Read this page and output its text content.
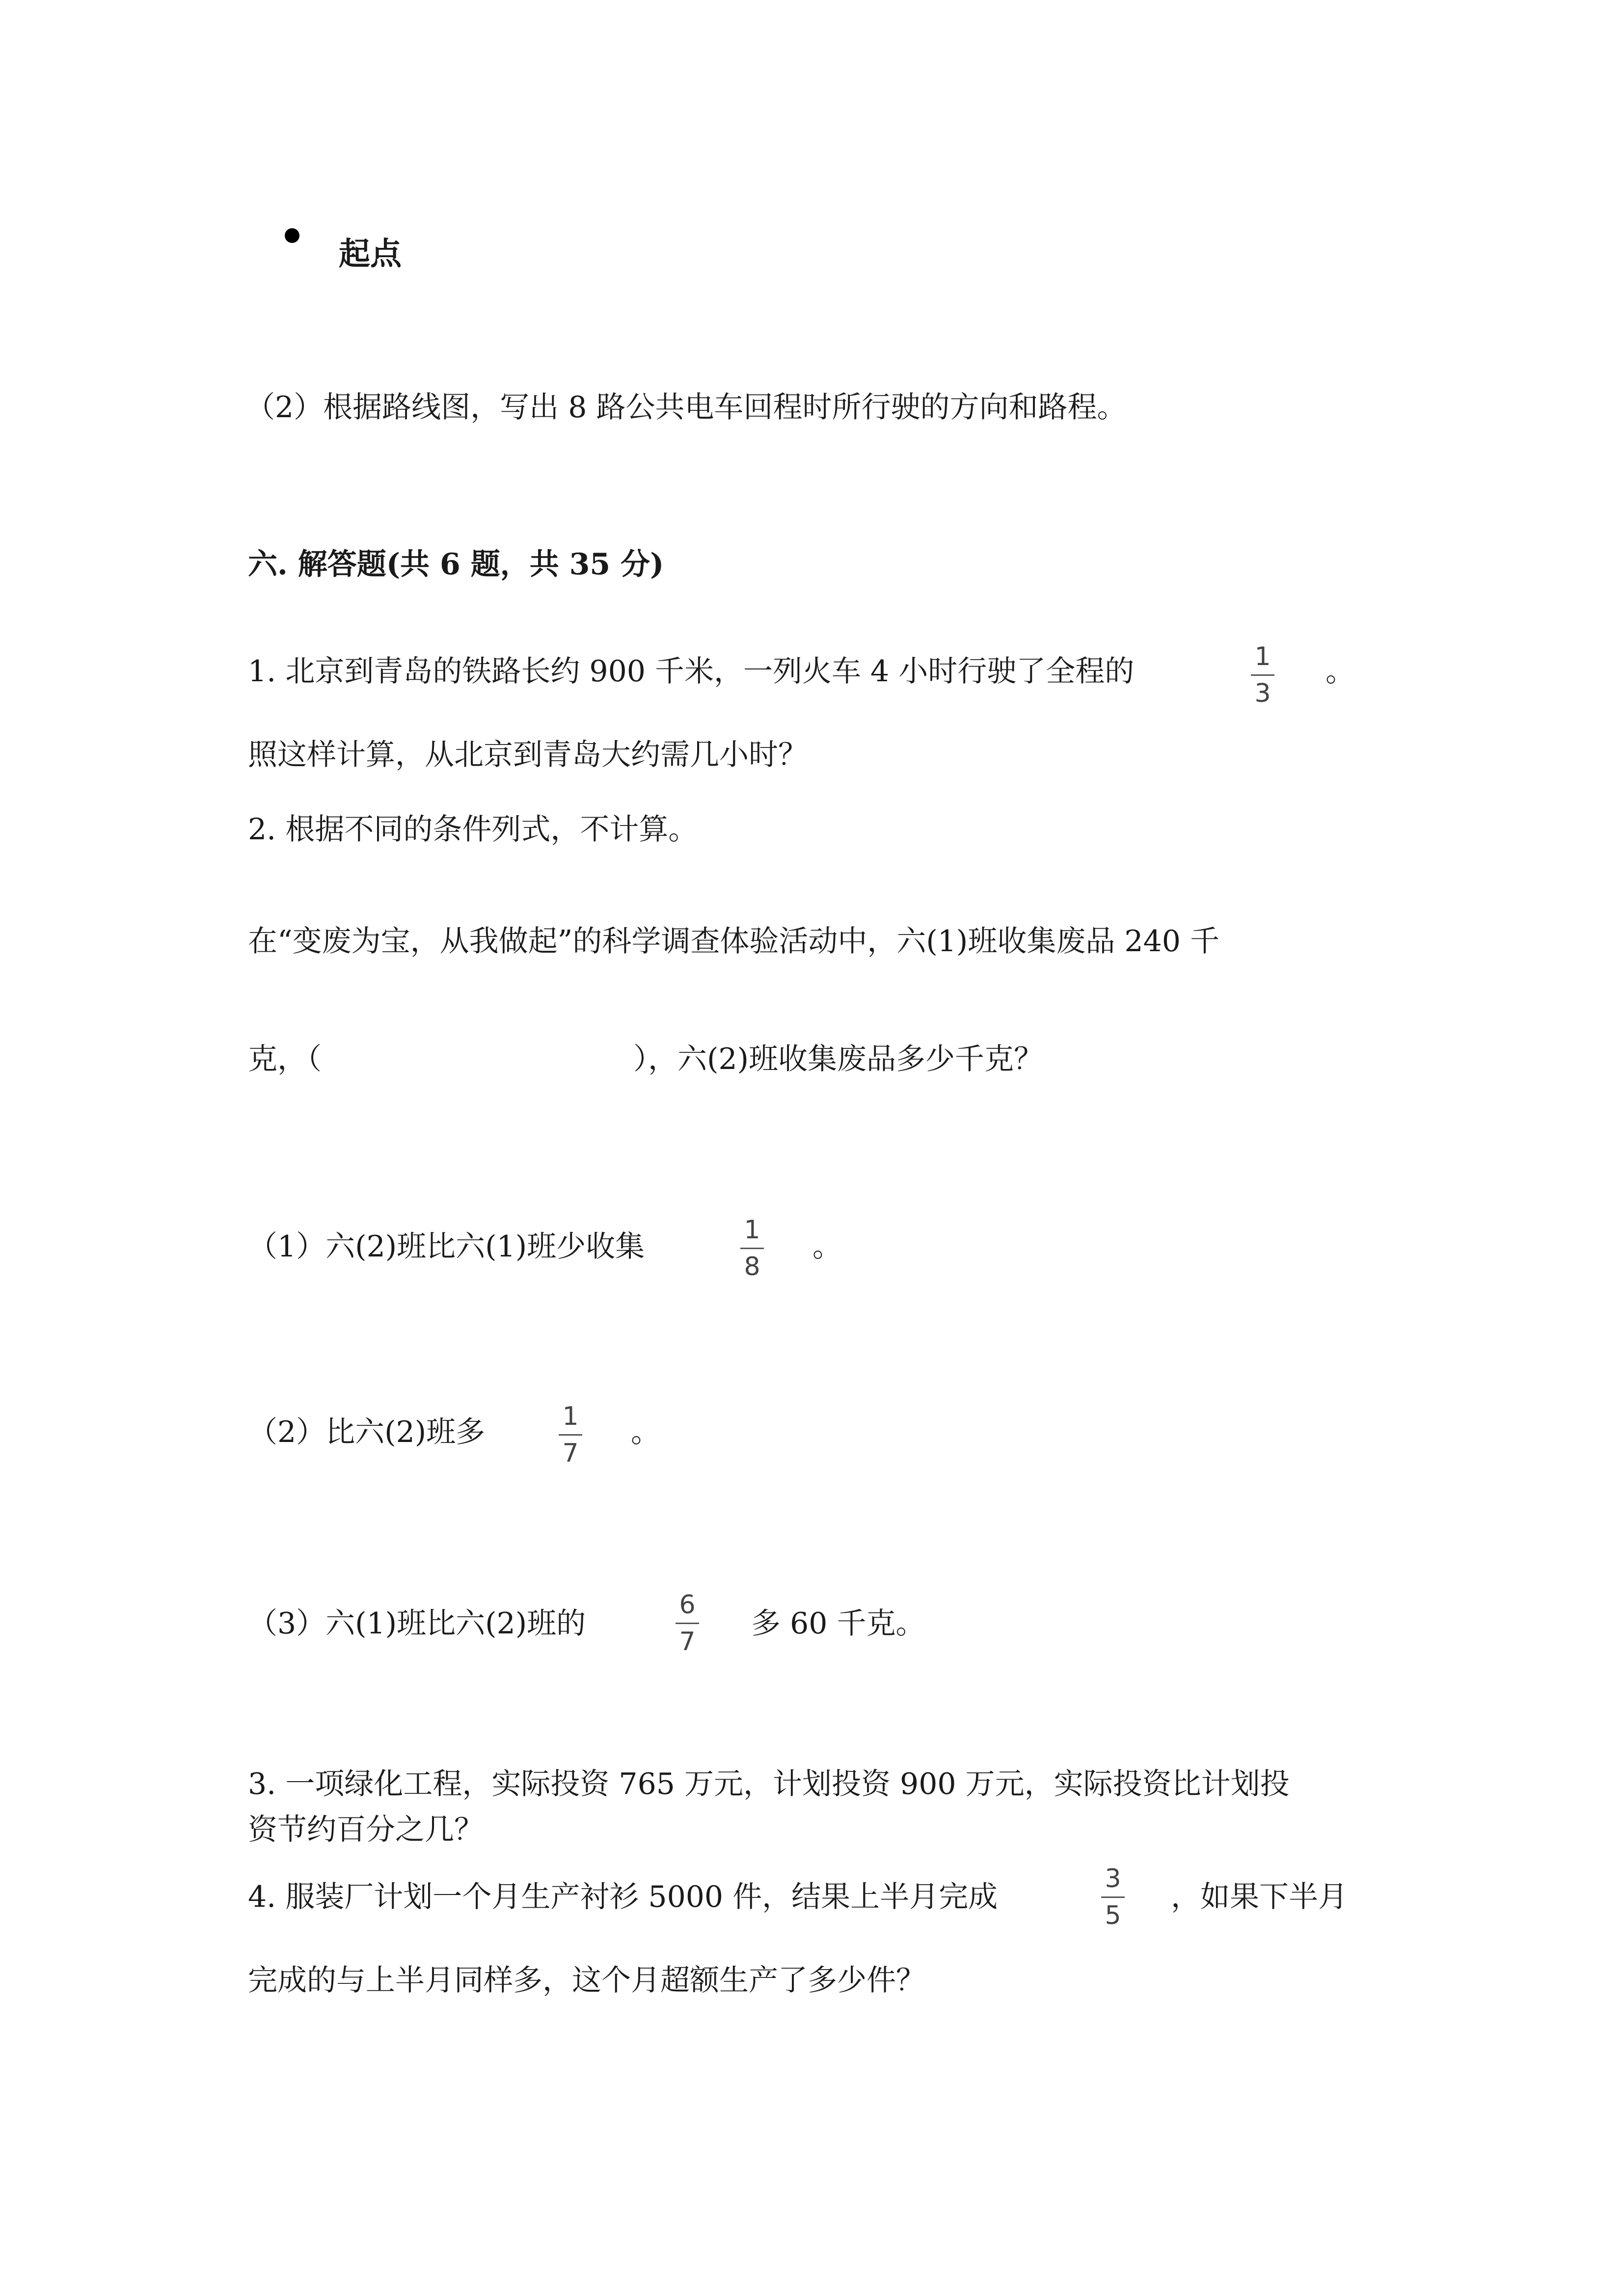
起点
（2）根据路线图，写出 8 路公共电车回程时所行驶的方向和路程。
六. 解答题(共 6 题，共 35 分)
1. 北京到青岛的铁路长约 900 千米，一列火车 4 小时行驶了全程的	1
3
。
照这样计算，从北京到青岛大约需几小时？
2. 根据不同的条件列式，不计算。
在“变废为宝，从我做起”的科学调查体验活动中，六(1)班收集废品 240 千
克，（	），六(2)班收集废品多少千克？
（1）六(2)班比六(1)班少收集	1
8
。
（2）比六(2)班多	1
7
。
（3）六(1)班比六(2)班的
6
7
多 60 千克。
3. 一项绿化工程，实际投资 765 万元，计划投资 900 万元，实际投资比计划投
资节约百分之几？
4. 服装厂计划一个月生产衬衫 5000 件，结果上半月完成
3
5
，如果下半月
完成的与上半月同样多，这个月超额生产了多少件？
